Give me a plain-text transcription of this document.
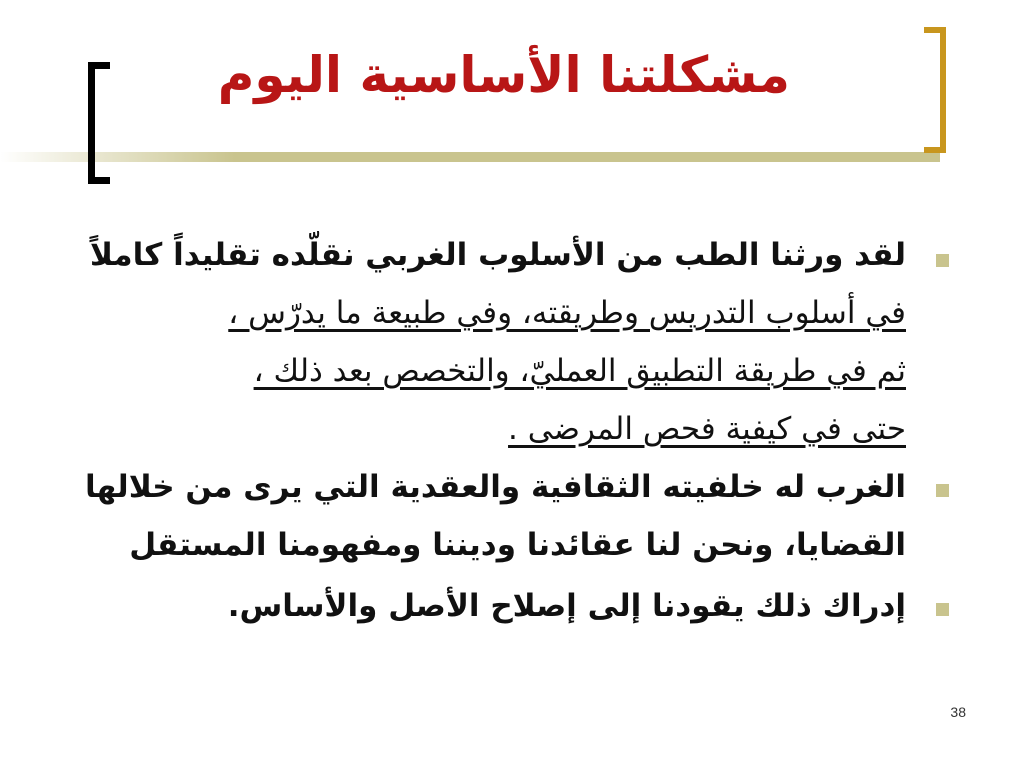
مشكلتنا الأساسية اليوم

لقد ورثنا الطب من الأسلوب الغربي نقلّده تقليداً كاملاً
في أسلوب التدريس وطريقته، وفي طبيعة ما يدرّس ،
ثم في طريقة التطبيق العمليّ، والتخصص بعد ذلك ،
حتى في كيفية فحص المرضى .

الغرب له خلفيته الثقافية والعقدية التي يرى من خلالها
القضايا، ونحن لنا عقائدنا وديننا ومفهومنا المستقل

إدراك ذلك يقودنا إلى إصلاح الأصل والأساس.

38
